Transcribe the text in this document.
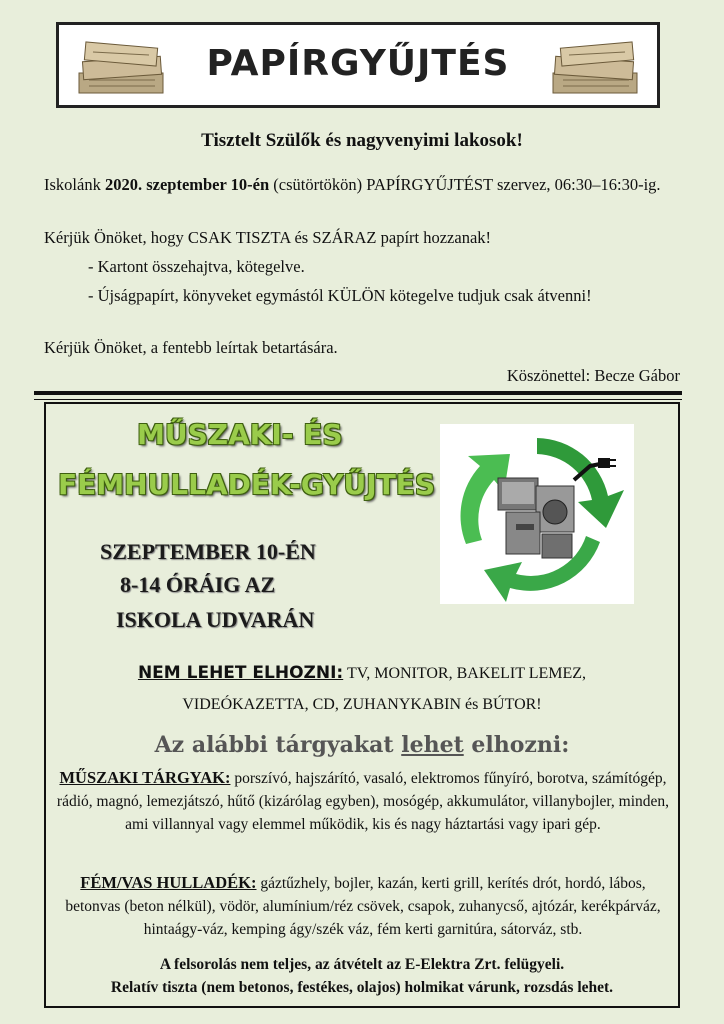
PAPÍRGYŰJTÉS
Tisztelt Szülők és nagyvenyimi lakosok!
Iskolánk 2020. szeptember 10-én (csütörtökön) PAPÍRGYŰJTÉST szervez, 06:30–16:30-ig.
Kérjük Önöket, hogy CSAK TISZTA és SZÁRAZ papírt hozzanak!
- Kartont összehajtva, kötegelve.
- Újságpapírt, könyveket egymástól KÜLÖN kötegelve tudjuk csak átvenni!
Kérjük Önöket, a fentebb leírtak betartására.
Köszönettel: Becze Gábor
MŰSZAKI- ÉS
FÉMHULLADÉK-GYŰJTÉS
SZEPTEMBER 10-ÉN
8-14 ÓRÁIG AZ
ISKOLA UDVARÁN
NEM LEHET ELHOZNI: TV, MONITOR, BAKELIT LEMEZ,
VIDEÓKAZETTA, CD, ZUHANYKABIN és BÚTOR!
Az alábbi tárgyakat lehet elhozni:
MŰSZAKI TÁRGYAK: porszívó, hajszárító, vasaló, elektromos fűnyíró, borotva, számítógép, rádió, magnó, lemezjátszó, hűtő (kizárólag egyben), mosógép, akkumulátor, villanybojler, minden, ami villannyal vagy elemmel működik, kis és nagy háztartási vagy ipari gép.
FÉM/VAS HULLADÉK: gáztűzhely, bojler, kazán, kerti grill, kerítés drót, hordó, lábos, betonvas (beton nélkül), vödör, alumínium/réz csövek, csapok, zuhanycső, ajtózár, kerékpárváz, hintaágy-váz, kemping ágy/szék váz, fém kerti garnitúra, sátorváz, stb.
A felsorolás nem teljes, az átvételt az E-Elektra Zrt. felügyeli.
Relatív tiszta (nem betonos, festékes, olajos) holmikat várunk, rozsdás lehet.
